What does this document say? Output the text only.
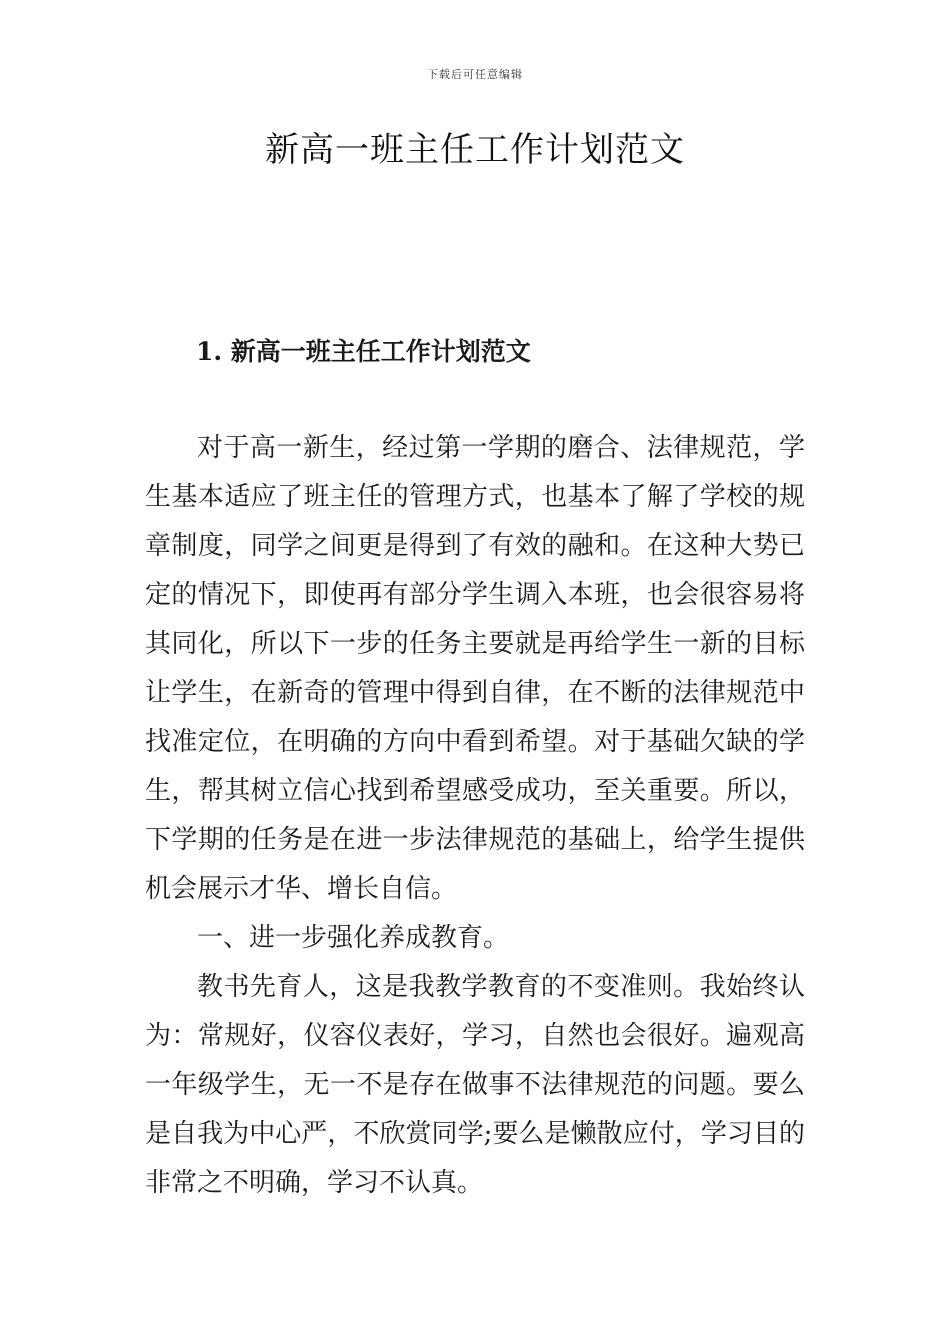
下载后可任意编辑
新高一班主任工作计划范文
1. 新高一班主任工作计划范文

对于高一新生，经过第一学期的磨合、法律规范，学生基本适应了班主任的管理方式，也基本了解了学校的规章制度，同学之间更是得到了有效的融和。在这种大势已定的情况下，即使再有部分学生调入本班，也会很容易将其同化，所以下一步的任务主要就是再给学生一新的目标让学生，在新奇的管理中得到自律，在不断的法律规范中找准定位，在明确的方向中看到希望。对于基础欠缺的学生，帮其树立信心找到希望感受成功，至关重要。所以，下学期的任务是在进一步法律规范的基础上，给学生提供机会展示才华、增长自信。

一、进一步强化养成教育。

教书先育人，这是我教学教育的不变准则。我始终认为：常规好，仪容仪表好，学习，自然也会很好。遍观高一年级学生，无一不是存在做事不法律规范的问题。要么是自我为中心严，不欣赏同学;要么是懒散应付，学习目的非常之不明确，学习不认真。
